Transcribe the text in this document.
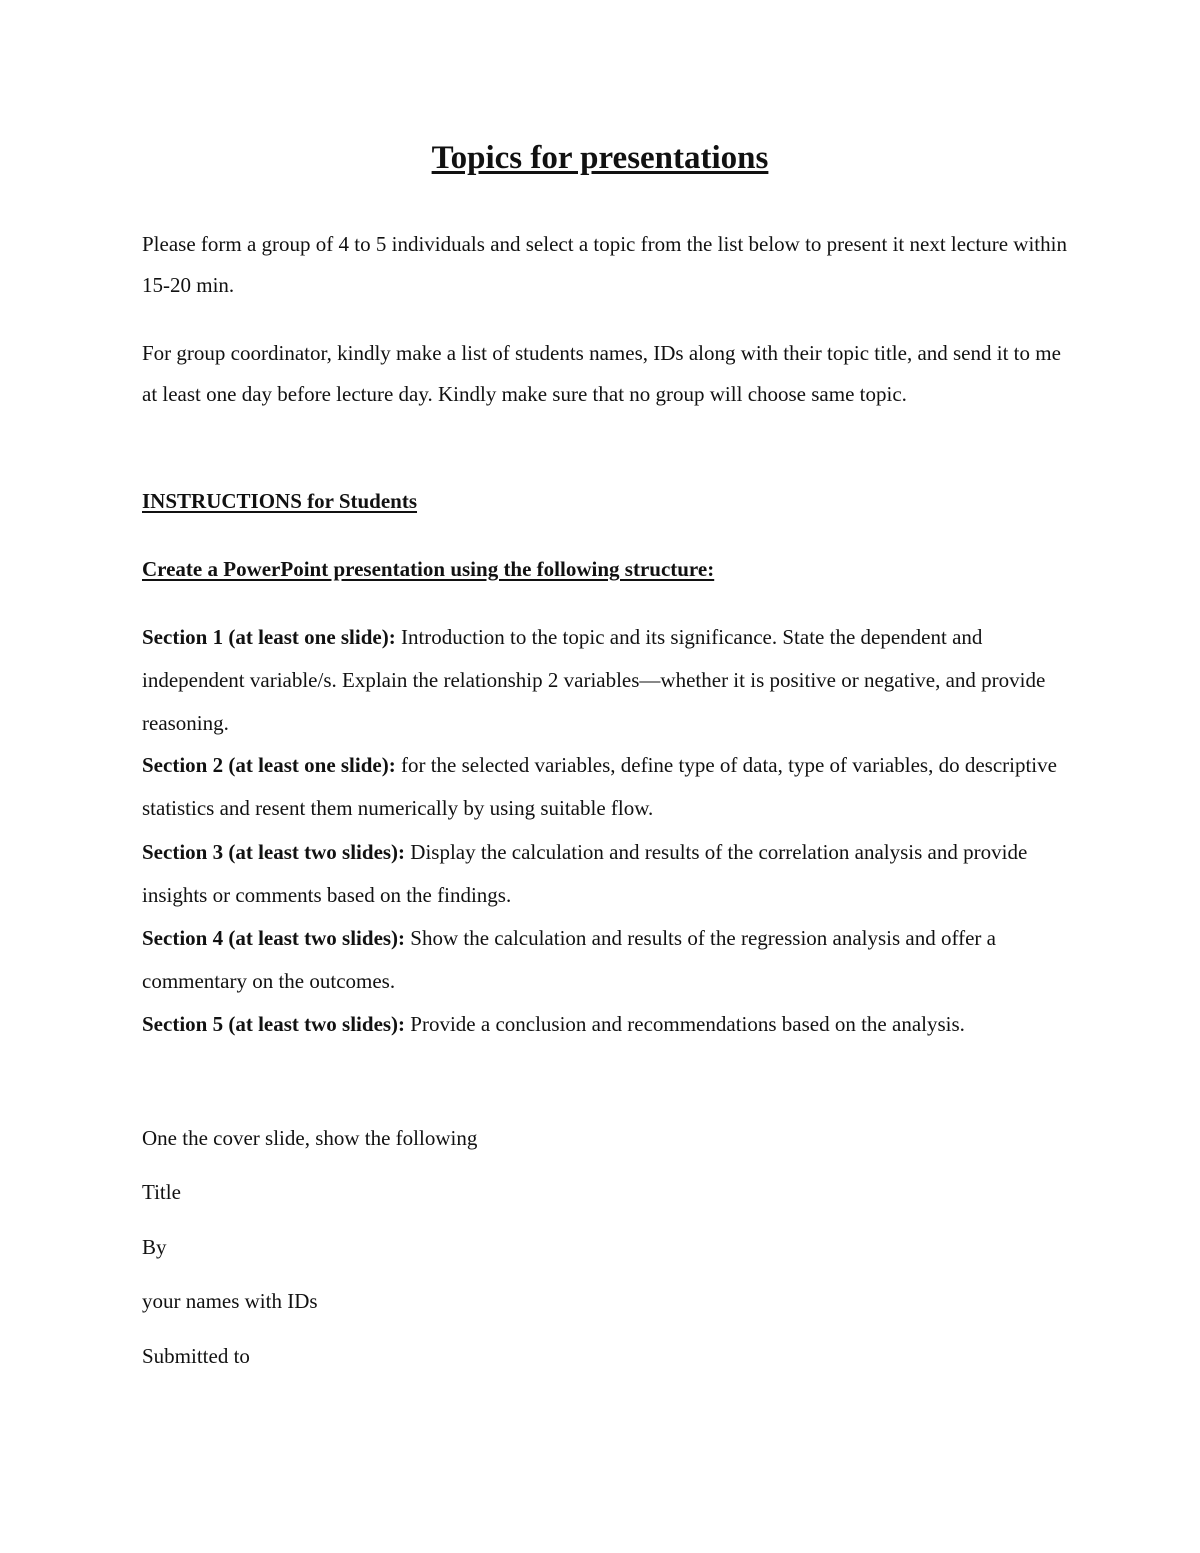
Topics for presentations

Please form a group of 4 to 5 individuals and select a topic from the list below to present it next lecture within 15-20 min.

For group coordinator, kindly make a list of students names, IDs along with their topic title, and send it to me at least one day before lecture day. Kindly make sure that no group will choose same topic.

INSTRUCTIONS for Students

Create a PowerPoint presentation using the following structure:

Section 1 (at least one slide): Introduction to the topic and its significance. State the dependent and independent variable/s. Explain the relationship 2 variables—whether it is positive or negative, and provide reasoning.

Section 2 (at least one slide): for the selected variables, define type of data, type of variables, do descriptive statistics and resent them numerically by using suitable flow.

Section 3 (at least two slides): Display the calculation and results of the correlation analysis and provide insights or comments based on the findings.

Section 4 (at least two slides): Show the calculation and results of the regression analysis and offer a commentary on the outcomes.

Section 5 (at least two slides): Provide a conclusion and recommendations based on the analysis.

One the cover slide, show the following

Title

By

your names with IDs

Submitted to
